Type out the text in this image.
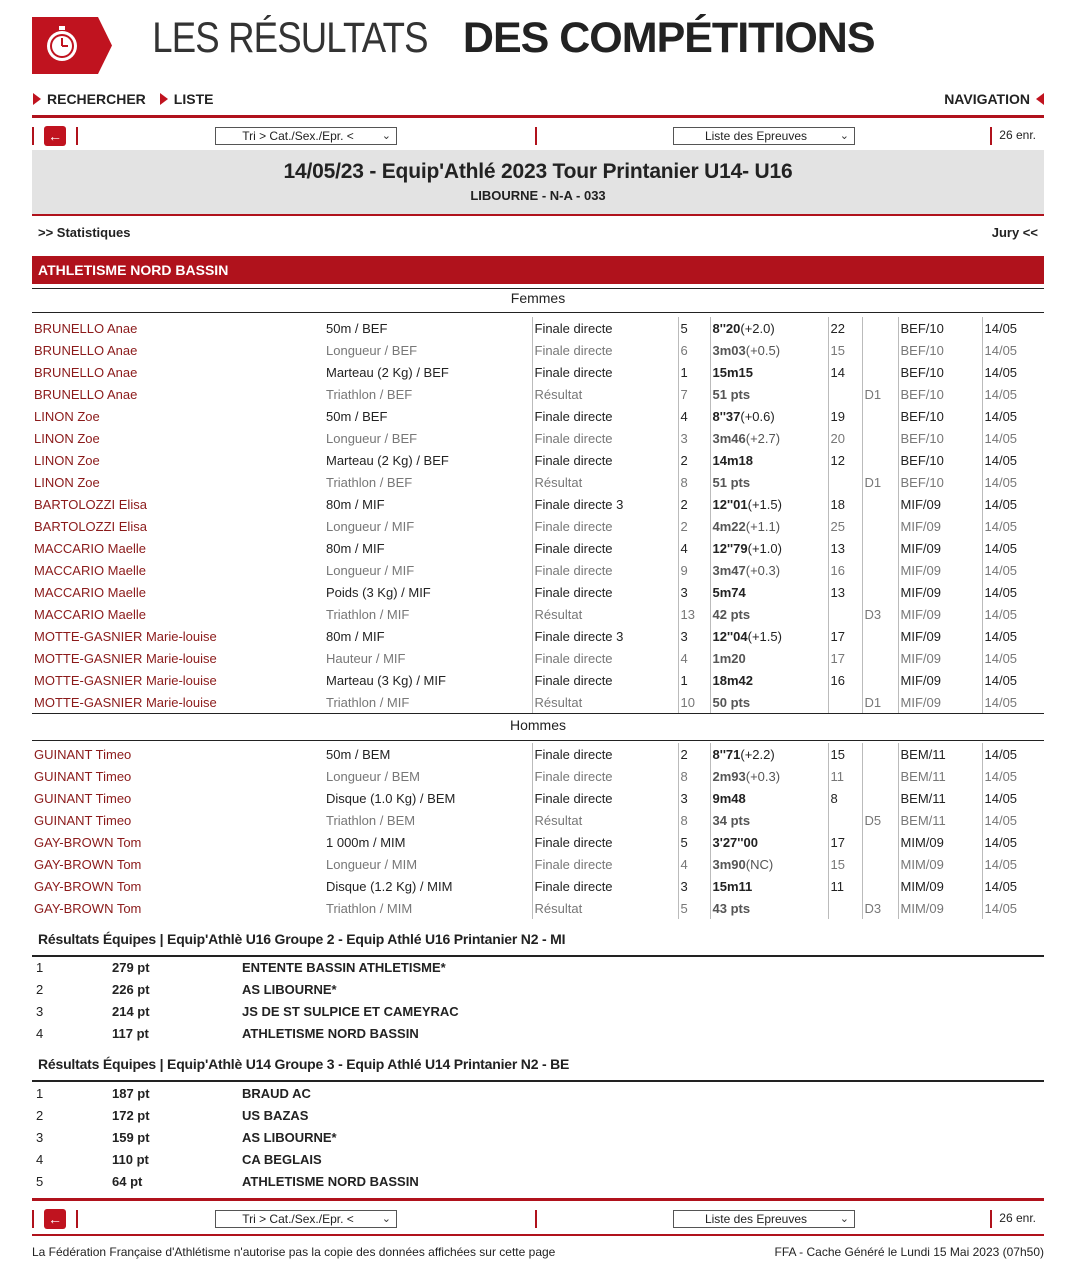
LES RÉSULTATS DES COMPÉTITIONS
RECHERCHER LISTE	NAVIGATION
←	Tri > Cat./Sex./Epr. <	⌄	Liste des Epreuves	⌄	26 enr.
14/05/23 - Equip'Athlé 2023 Tour Printanier U14- U16
LIBOURNE - N-A - 033
>> Statistiques	Jury <<
ATHLETISME NORD BASSIN
Femmes
BRUNELLO Anae	50m / BEF	Finale directe	5	8''20(+2.0)	22		BEF/10	14/05
BRUNELLO Anae	Longueur / BEF	Finale directe	6	3m03(+0.5)	15		BEF/10	14/05
BRUNELLO Anae	Marteau (2 Kg) / BEF	Finale directe	1	15m15	14		BEF/10	14/05
BRUNELLO Anae	Triathlon / BEF	Résultat	7	51 pts		D1	BEF/10	14/05
LINON Zoe	50m / BEF	Finale directe	4	8''37(+0.6)	19		BEF/10	14/05
LINON Zoe	Longueur / BEF	Finale directe	3	3m46(+2.7)	20		BEF/10	14/05
LINON Zoe	Marteau (2 Kg) / BEF	Finale directe	2	14m18	12		BEF/10	14/05
LINON Zoe	Triathlon / BEF	Résultat	8	51 pts		D1	BEF/10	14/05
BARTOLOZZI Elisa	80m / MIF	Finale directe 3	2	12''01(+1.5)	18		MIF/09	14/05
BARTOLOZZI Elisa	Longueur / MIF	Finale directe	2	4m22(+1.1)	25		MIF/09	14/05
MACCARIO Maelle	80m / MIF	Finale directe	4	12''79(+1.0)	13		MIF/09	14/05
MACCARIO Maelle	Longueur / MIF	Finale directe	9	3m47(+0.3)	16		MIF/09	14/05
MACCARIO Maelle	Poids (3 Kg) / MIF	Finale directe	3	5m74	13		MIF/09	14/05
MACCARIO Maelle	Triathlon / MIF	Résultat	13	42 pts		D3	MIF/09	14/05
MOTTE-GASNIER Marie-louise	80m / MIF	Finale directe 3	3	12''04(+1.5)	17		MIF/09	14/05
MOTTE-GASNIER Marie-louise	Hauteur / MIF	Finale directe	4	1m20	17		MIF/09	14/05
MOTTE-GASNIER Marie-louise	Marteau (3 Kg) / MIF	Finale directe	1	18m42	16		MIF/09	14/05
MOTTE-GASNIER Marie-louise	Triathlon / MIF	Résultat	10	50 pts		D1	MIF/09	14/05
Hommes
GUINANT Timeo	50m / BEM	Finale directe	2	8''71(+2.2)	15		BEM/11	14/05
GUINANT Timeo	Longueur / BEM	Finale directe	8	2m93(+0.3)	11		BEM/11	14/05
GUINANT Timeo	Disque (1.0 Kg) / BEM	Finale directe	3	9m48	8		BEM/11	14/05
GUINANT Timeo	Triathlon / BEM	Résultat	8	34 pts		D5	BEM/11	14/05
GAY-BROWN Tom	1 000m / MIM	Finale directe	5	3'27''00	17		MIM/09	14/05
GAY-BROWN Tom	Longueur / MIM	Finale directe	4	3m90(NC)	15		MIM/09	14/05
GAY-BROWN Tom	Disque (1.2 Kg) / MIM	Finale directe	3	15m11	11		MIM/09	14/05
GAY-BROWN Tom	Triathlon / MIM	Résultat	5	43 pts		D3	MIM/09	14/05
Résultats Équipes | Equip'Athlè U16 Groupe 2 - Equip Athlé U16 Printanier N2 - MI
1	279 pt	ENTENTE BASSIN ATHLETISME*
2	226 pt	AS LIBOURNE*
3	214 pt	JS DE ST SULPICE ET CAMEYRAC
4	117 pt	ATHLETISME NORD BASSIN
Résultats Équipes | Equip'Athlè U14 Groupe 3 - Equip Athlé U14 Printanier N2 - BE
1	187 pt	BRAUD AC
2	172 pt	US BAZAS
3	159 pt	AS LIBOURNE*
4	110 pt	CA BEGLAIS
5	64 pt	ATHLETISME NORD BASSIN
←	Tri > Cat./Sex./Epr. <	⌄	Liste des Epreuves	⌄	26 enr.
La Fédération Française d'Athlétisme n'autorise pas la copie des données affichées sur cette page	FFA - Cache Généré le Lundi 15 Mai 2023 (07h50)
